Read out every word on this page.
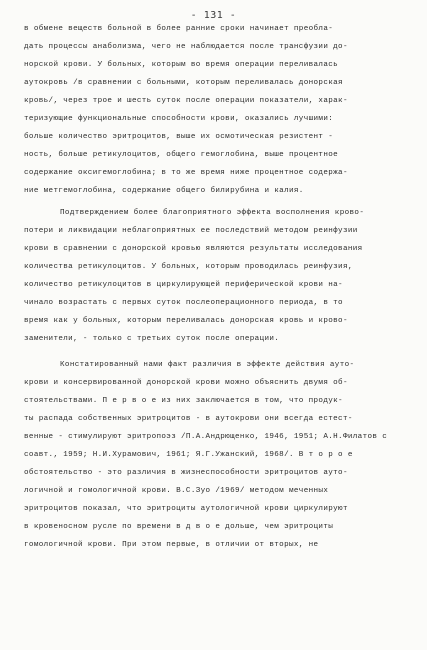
- 131 -
в обмене веществ больной в более ранние сроки начинает преобла-
дать процессы анаболизма, чего не наблюдается после трансфузии до-
норской крови. У больных, которым во время операции переливалась
аутокровь /в сравнении с больными, которым переливалась донорская
кровь/, через трое и шесть суток после операции показатели, харак-
теризующие функциональные способности крови, оказались лучшими:
больше количество эритроцитов, выше их осмотическая резистент -
ность, больше ретикулоцитов, общего гемоглобина, выше процентное
содержание оксигемоглобина; в то же время ниже процентное содержа-
ние метгемоглобина, содержание общего билирубина и калия.
Подтверждением более благоприятного эффекта восполнения крово-
потери и ликвидации неблагоприятных ее последствий методом реинфузии
крови в сравнении с донорской кровью являются результаты исследования
количества ретикулоцитов. У больных, которым проводилась реинфузия,
количество ретикулоцитов в циркулирующей периферической крови на-
чинало возрастать с первых суток послеоперационного периода, в то
время как у больных, которым переливалась донорская кровь и крово-
заменители, - только с третьих суток после операции.
Констатированный нами факт различия в эффекте действия ауто-
крови и консервированной донорской крови можно объяснить двумя об-
стоятельствами. П е р в о е из них заключается в том, что продук-
ты распада собственных эритроцитов - в аутокрови они всегда естест-
венные - стимулируют эритропоэз /П.А.Андрющенко, 1946, 1951; А.Н.Филатов с
соавт., 1959; Н.И.Хурамович, 1961; Я.Г.Ужанский, 1968/. В т о р о е
обстоятельство - это различия в жизнеспособности эритроцитов ауто-
логичной и гомологичной крови. В.С.Зуо /1969/ методом меченных
эритроцитов показал, что эритроциты аутологичной крови циркулируют
в кровеносном русле по времени в д в о е дольше, чем эритроциты
гомологичной крови. При этом первые, в отличии от вторых, не
